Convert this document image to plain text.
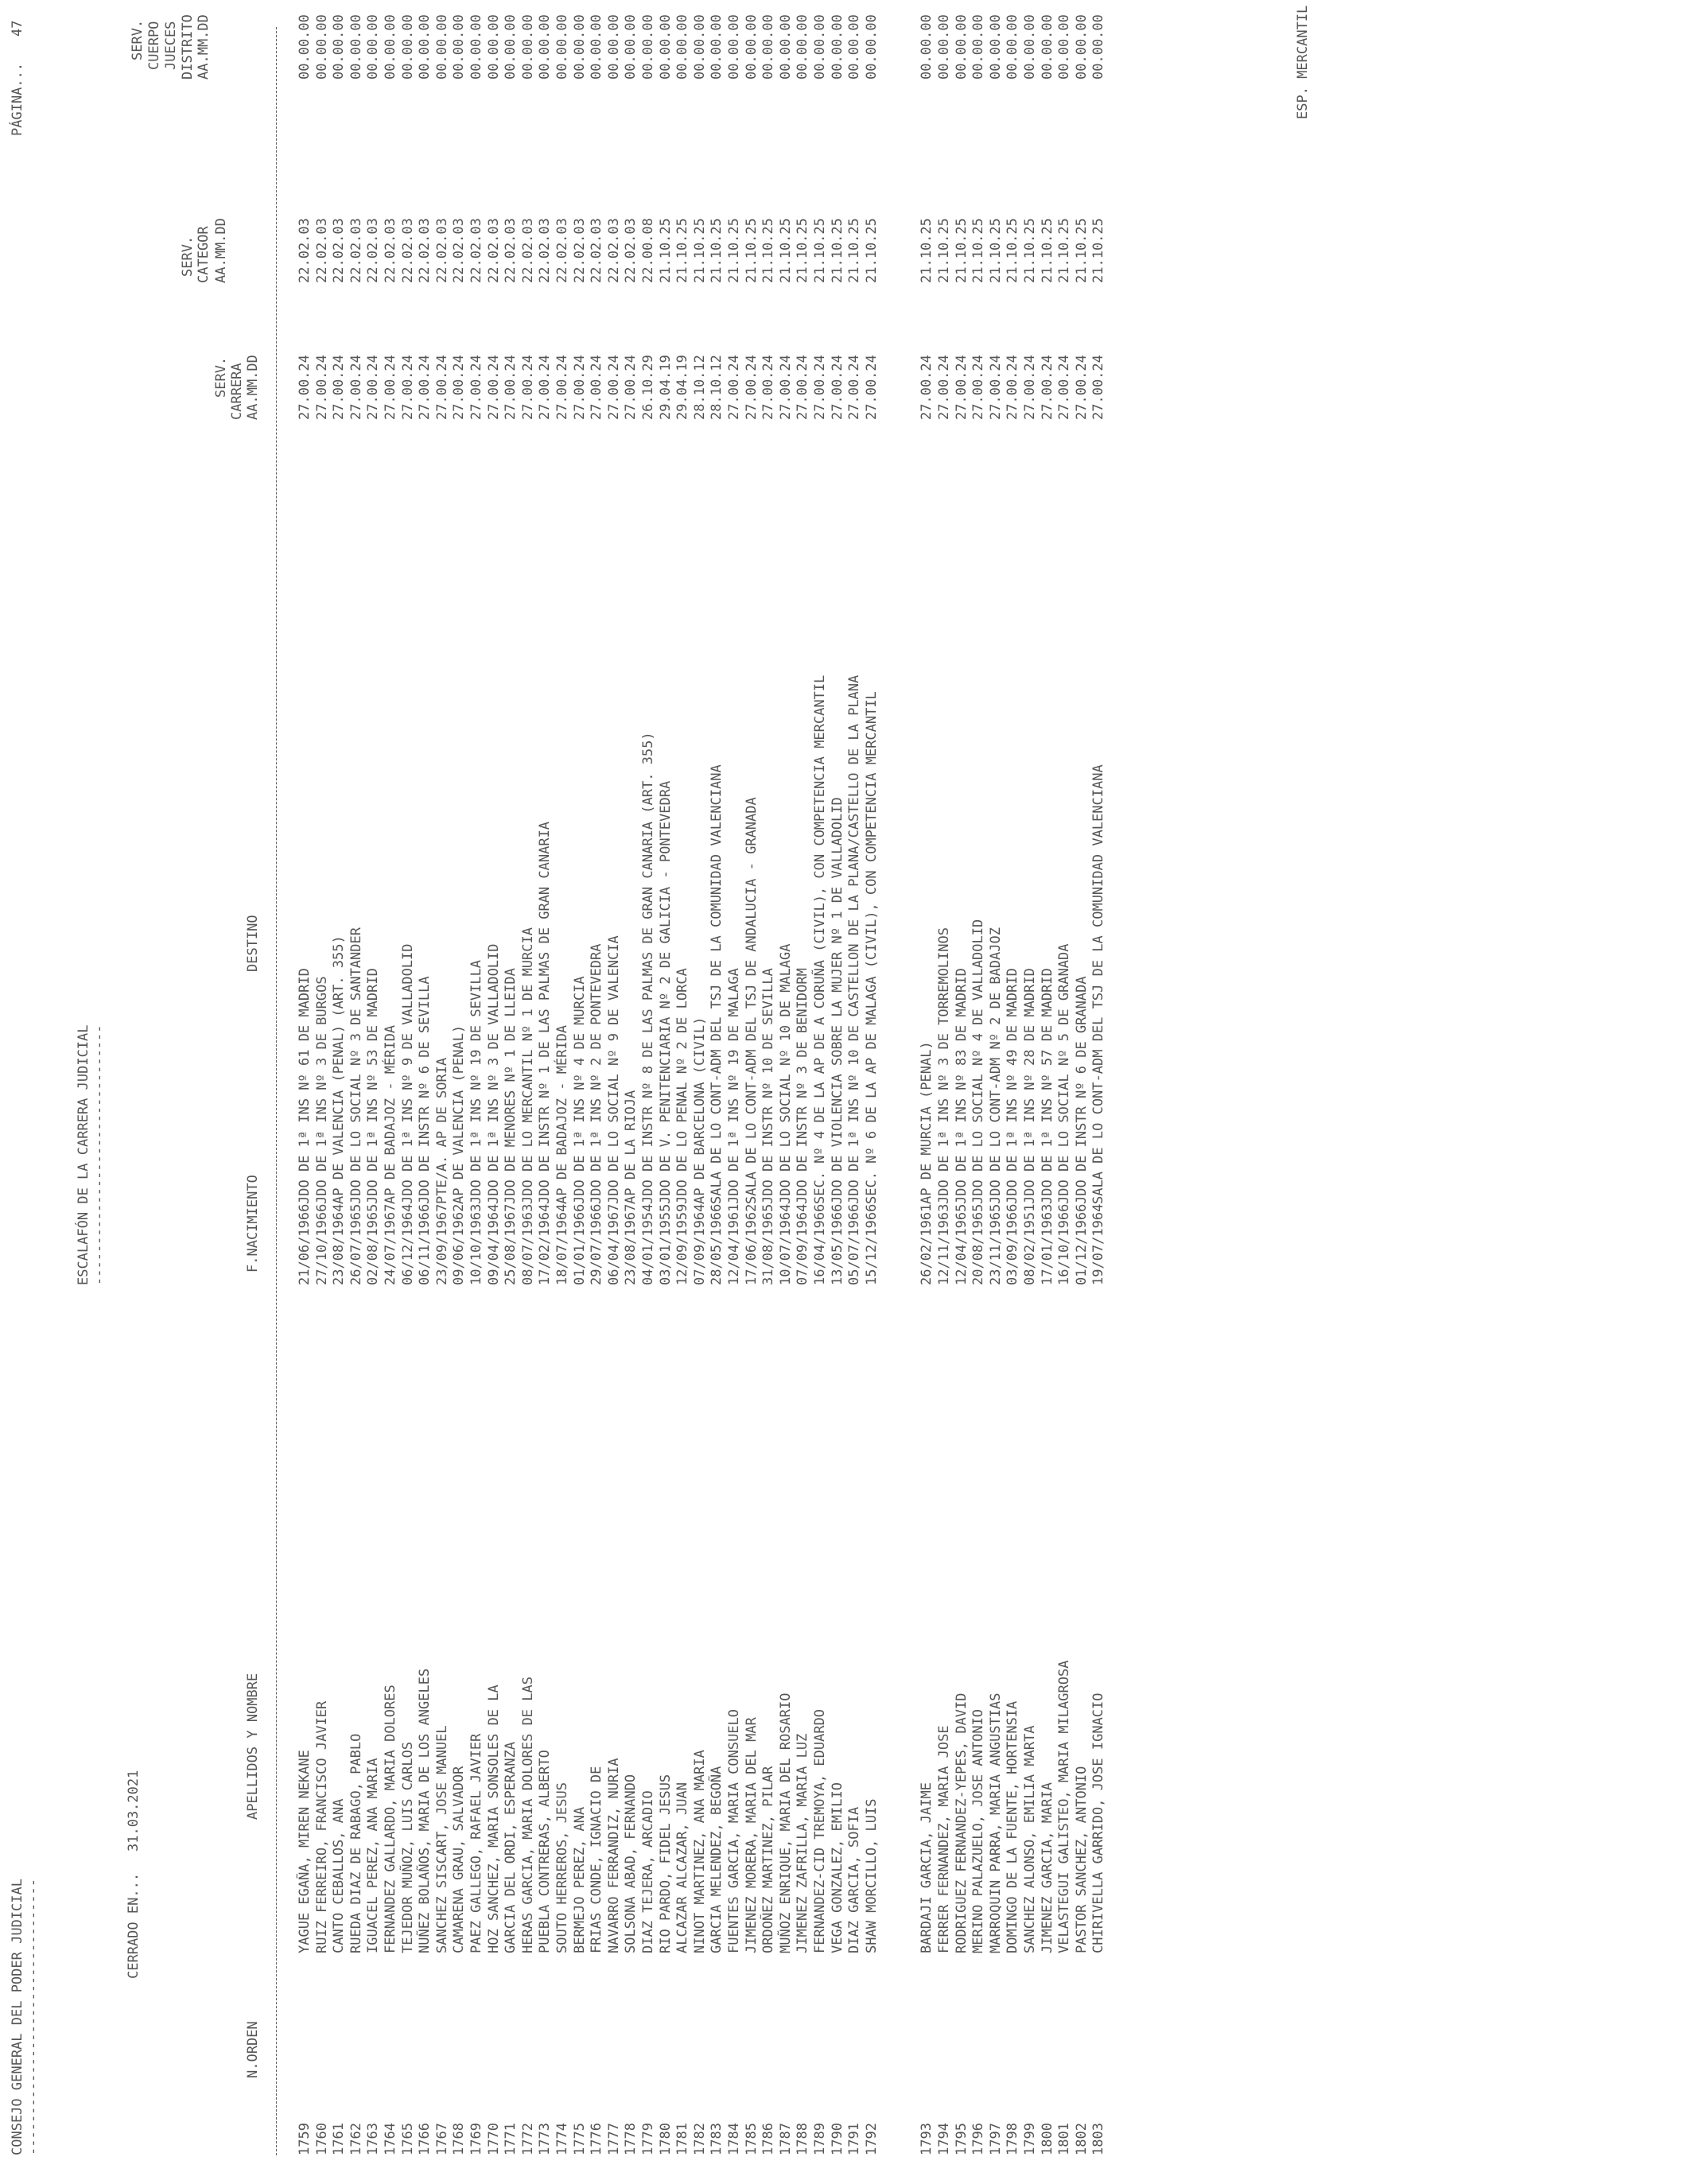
CONSEJO GENERAL DEL PODER JUDICIAL ----------------------------------
ESCALAFÓN DE LA CARRERA JUDICIAL --------------------------------
PÁGINA...
47
CERRADO EN...
31.03.2021
N.ORDEN
APELLIDOS Y NOMBRE
F.NACIMIENTO
DESTINO
SERV. CARRERA AA.MM.DD
SERV. CATEGOR AA.MM.DD
SERV. CUERPO JUECES DISTRITO AA.MM.DD
1759
YAGUE EGAÑA, MIREN NEKANE
21/06/1966
JDO DE 1ª INS Nº 61 DE MADRID
27.00.24
22.02.03
00.00.00
1760
RUIZ FERREIRO, FRANCISCO JAVIER
27/10/1966
JDO DE 1ª INS Nº 3 DE BURGOS
27.00.24
22.02.03
00.00.00
1761
CANTO CEBALLOS, ANA
23/08/1964
AP DE VALENCIA (PENAL) (ART. 355)
27.00.24
22.02.03
00.00.00
1762
RUEDA DIAZ DE RABAGO, PABLO
26/07/1965
JDO DE LO SOCIAL Nº 3 DE SANTANDER
27.00.24
22.02.03
00.00.00
1763
IGUACEL PEREZ, ANA MARIA
02/08/1965
JDO DE 1ª INS Nº 53 DE MADRID
27.00.24
22.02.03
00.00.00
1764
FERNANDEZ GALLARDO, MARIA DOLORES
24/07/1967
AP DE BADAJOZ - MÉRIDA
27.00.24
22.02.03
00.00.00
1765
TEJEDOR MUÑOZ, LUIS CARLOS
06/12/1964
JDO DE 1ª INS Nº 9 DE VALLADOLID
27.00.24
22.02.03
00.00.00
1766
NUÑEZ BOLAÑOS, MARIA DE LOS ANGELES
06/11/1966
JDO DE INSTR Nº 6 DE SEVILLA
27.00.24
22.02.03
00.00.00
1767
SANCHEZ SISCART, JOSE MANUEL
23/09/1967
PTE/A. AP DE SORIA
27.00.24
22.02.03
00.00.00
1768
CAMARENA GRAU, SALVADOR
09/06/1962
AP DE VALENCIA (PENAL)
27.00.24
22.02.03
00.00.00
1769
PAEZ GALLEGO, RAFAEL JAVIER
10/10/1963
JDO DE 1ª INS Nº 19 DE SEVILLA
27.00.24
22.02.03
00.00.00
1770
HOZ SANCHEZ, MARIA SONSOLES DE LA
09/04/1964
JDO DE 1ª INS Nº 3 DE VALLADOLID
27.00.24
22.02.03
00.00.00
1771
GARCIA DEL ORDI, ESPERANZA
25/08/1967
JDO DE MENORES Nº 1 DE LLEIDA
27.00.24
22.02.03
00.00.00
1772
HERAS GARCIA, MARIA DOLORES DE LAS
08/07/1963
JDO DE LO MERCANTIL Nº 1 DE MURCIA
27.00.24
22.02.03
00.00.00
1773
PUEBLA CONTRERAS, ALBERTO
17/02/1964
JDO DE INSTR Nº 1 DE LAS PALMAS DE GRAN CANARIA
27.00.24
22.02.03
00.00.00
1774
SOUTO HERREROS, JESUS
18/07/1964
AP DE BADAJOZ - MÉRIDA
27.00.24
22.02.03
00.00.00
1775
BERMEJO PEREZ, ANA
01/01/1966
JDO DE 1ª INS Nº 4 DE MURCIA
27.00.24
22.02.03
00.00.00
1776
FRIAS CONDE, IGNACIO DE
29/07/1966
JDO DE 1ª INS Nº 2 DE PONTEVEDRA
27.00.24
22.02.03
00.00.00
1777
NAVARRO FERRANDIZ, NURIA
06/04/1967
JDO DE LO SOCIAL Nº 9 DE VALENCIA
27.00.24
22.02.03
00.00.00
1778
SOLSONA ABAD, FERNANDO
23/08/1967
AP DE LA RIOJA
27.00.24
22.02.03
00.00.00
1779
DIAZ TEJERA, ARCADIO
04/01/1954
JDO DE INSTR Nº 8 DE LAS PALMAS DE GRAN CANARIA (ART. 355)
26.10.29
22.00.08
00.00.00
1780
RIO PARDO, FIDEL JESUS
03/01/1955
JDO DE V. PENITENCIARIA Nº 2 DE GALICIA - PONTEVEDRA
29.04.19
21.10.25
00.00.00
1781
ALCAZAR ALCAZAR, JUAN
12/09/1959
JDO DE LO PENAL Nº 2 DE LORCA
29.04.19
21.10.25
00.00.00
1782
NINOT MARTINEZ, ANA MARIA
07/09/1964
AP DE BARCELONA (CIVIL)
28.10.12
21.10.25
00.00.00
1783
GARCIA MELENDEZ, BEGOÑA
28/05/1966
SALA DE LO CONT-ADM DEL TSJ DE LA COMUNIDAD VALENCIANA
28.10.12
21.10.25
00.00.00
1784
FUENTES GARCIA, MARIA CONSUELO
12/04/1961
JDO DE 1ª INS Nº 19 DE MALAGA
27.00.24
21.10.25
00.00.00
1785
JIMENEZ MORERA, MARIA DEL MAR
17/06/1962
SALA DE LO CONT-ADM DEL TSJ DE ANDALUCIA - GRANADA
27.00.24
21.10.25
00.00.00
1786
ORDOÑEZ MARTINEZ, PILAR
31/08/1965
JDO DE INSTR Nº 10 DE SEVILLA
27.00.24
21.10.25
00.00.00
1787
MUÑOZ ENRIQUE, MARIA DEL ROSARIO
10/07/1964
JDO DE LO SOCIAL Nº 10 DE MALAGA
27.00.24
21.10.25
00.00.00
1788
JIMENEZ ZAFRILLA, MARIA LUZ
07/09/1964
JDO DE INSTR Nº 3 DE BENIDORM
27.00.24
21.10.25
00.00.00
1789
FERNANDEZ-CID TREMOYA, EDUARDO
16/04/1966
SEC. Nº 4 DE LA AP DE A CORUÑA (CIVIL), CON COMPETENCIA MERCANTIL
27.00.24
21.10.25
00.00.00
1790
VEGA GONZALEZ, EMILIO
13/05/1966
JDO DE VIOLENCIA SOBRE LA MUJER Nº 1 DE VALLADOLID
27.00.24
21.10.25
00.00.00
1791
DIAZ GARCIA, SOFIA
05/07/1966
JDO DE 1ª INS Nº 10 DE CASTELLON DE LA PLANA/CASTELLO DE LA PLANA
27.00.24
21.10.25
00.00.00
1792
SHAW MORCILLO, LUIS
15/12/1966
SEC. Nº 6 DE LA AP DE MALAGA (CIVIL), CON COMPETENCIA MERCANTIL
27.00.24
21.10.25
00.00.00
1793
BARDAJI GARCIA, JAIME
26/02/1961
AP DE MURCIA (PENAL)
27.00.24
21.10.25
00.00.00
1794
FERRER FERNANDEZ, MARIA JOSE
12/11/1963
JDO DE 1ª INS Nº 3 DE TORREMOLINOS
27.00.24
21.10.25
00.00.00
1795
RODRIGUEZ FERNANDEZ-YEPES, DAVID
12/04/1965
JDO DE 1ª INS Nº 83 DE MADRID
27.00.24
21.10.25
00.00.00
1796
MERINO PALAZUELO, JOSE ANTONIO
20/08/1965
JDO DE LO SOCIAL Nº 4 DE VALLADOLID
27.00.24
21.10.25
00.00.00
1797
MARROQUIN PARRA, MARIA ANGUSTIAS
23/11/1965
JDO DE LO CONT-ADM Nº 2 DE BADAJOZ
27.00.24
21.10.25
00.00.00
1798
DOMINGO DE LA FUENTE, HORTENSIA
03/09/1966
JDO DE 1ª INS Nº 49 DE MADRID
27.00.24
21.10.25
00.00.00
1799
SANCHEZ ALONSO, EMILIA MARTA
08/02/1951
JDO DE 1ª INS Nº 28 DE MADRID
27.00.24
21.10.25
00.00.00
1800
JIMENEZ GARCIA, MARIA
17/01/1963
JDO DE 1ª INS Nº 57 DE MADRID
27.00.24
21.10.25
00.00.00
1801
VELASTEGUI GALISTEO, MARIA MILAGROSA
16/10/1966
JDO DE LO SOCIAL Nº 5 DE GRANADA
27.00.24
21.10.25
00.00.00
1802
PASTOR SANCHEZ, ANTONIO
01/12/1966
JDO DE INSTR Nº 6 DE GRANADA
27.00.24
21.10.25
00.00.00
1803
CHIRIVELLA GARRIDO, JOSE IGNACIO
19/07/1964
SALA DE LO CONT-ADM DEL TSJ DE LA COMUNIDAD VALENCIANA
27.00.24
21.10.25
00.00.00	ESP. MERCANTIL
